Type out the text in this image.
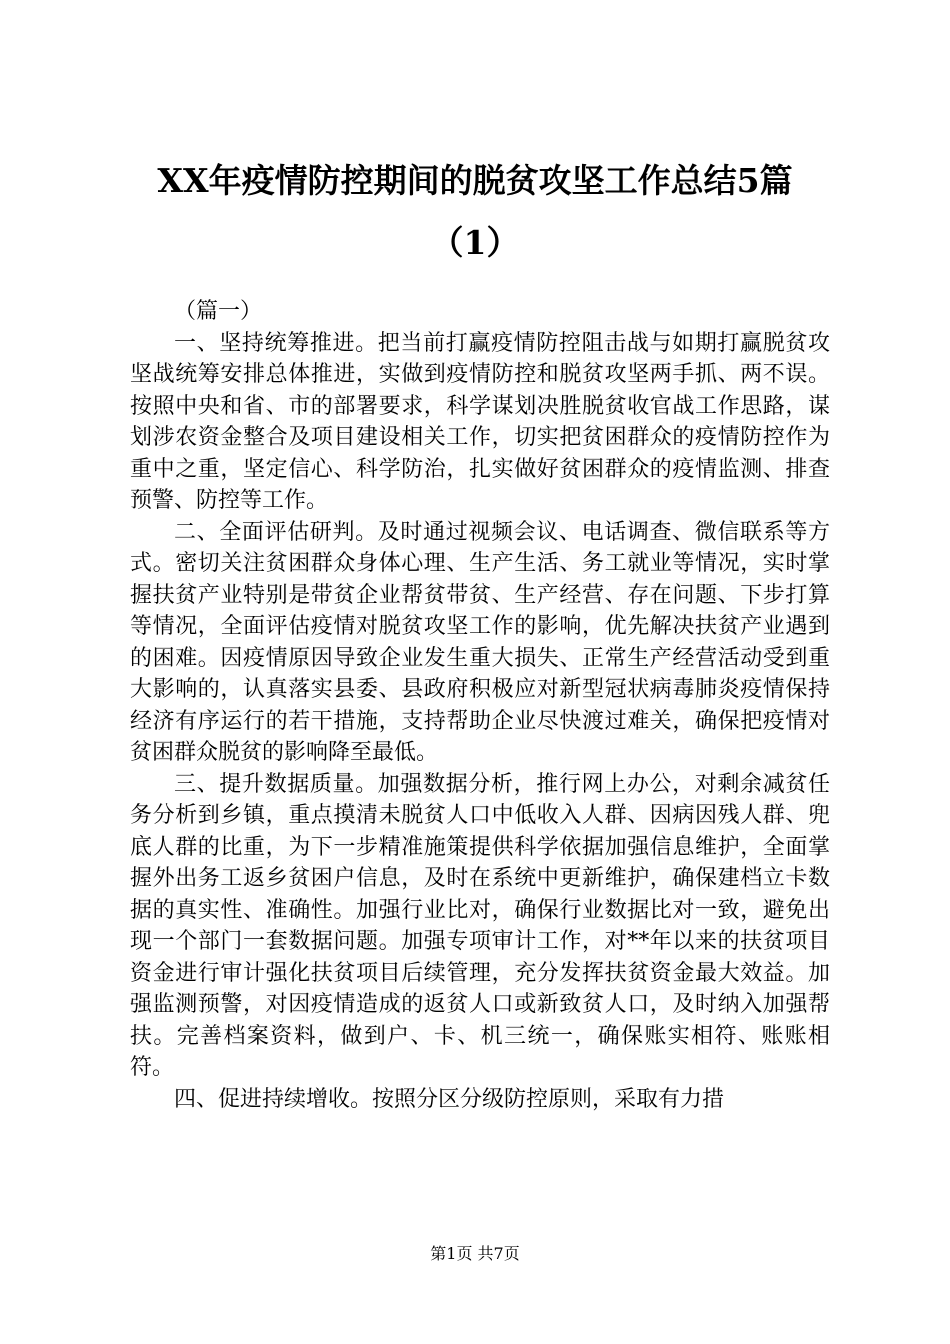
XX年疫情防控期间的脱贫攻坚工作总结5篇
（1）
（篇一）

一、坚持统筹推进。把当前打赢疫情防控阻击战与如期打赢脱贫攻坚战统筹安排总体推进，实做到疫情防控和脱贫攻坚两手抓、两不误。按照中央和省、市的部署要求，科学谋划决胜脱贫收官战工作思路，谋划涉农资金整合及项目建设相关工作，切实把贫困群众的疫情防控作为重中之重，坚定信心、科学防治，扎实做好贫困群众的疫情监测、排查预警、防控等工作。

二、全面评估研判。及时通过视频会议、电话调查、微信联系等方式。密切关注贫困群众身体心理、生产生活、务工就业等情况，实时掌握扶贫产业特别是带贫企业帮贫带贫、生产经营、存在问题、下步打算等情况，全面评估疫情对脱贫攻坚工作的影响，优先解决扶贫产业遇到的困难。因疫情原因导致企业发生重大损失、正常生产经营活动受到重大影响的，认真落实县委、县政府积极应对新型冠状病毒肺炎疫情保持经济有序运行的若干措施，支持帮助企业尽快渡过难关，确保把疫情对贫困群众脱贫的影响降至最低。

三、提升数据质量。加强数据分析，推行网上办公，对剩余减贫任务分析到乡镇，重点摸清未脱贫人口中低收入人群、因病因残人群、兜底人群的比重，为下一步精准施策提供科学依据加强信息维护，全面掌握外出务工返乡贫困户信息，及时在系统中更新维护，确保建档立卡数据的真实性、准确性。加强行业比对，确保行业数据比对一致，避免出现一个部门一套数据问题。加强专项审计工作，对**年以来的扶贫项目资金进行审计强化扶贫项目后续管理，充分发挥扶贫资金最大效益。加强监测预警，对因疫情造成的返贫人口或新致贫人口，及时纳入加强帮扶。完善档案资料，做到户、卡、机三统一，确保账实相符、账账相符。

四、促进持续增收。按照分区分级防控原则，采取有力措

第1页 共7页
